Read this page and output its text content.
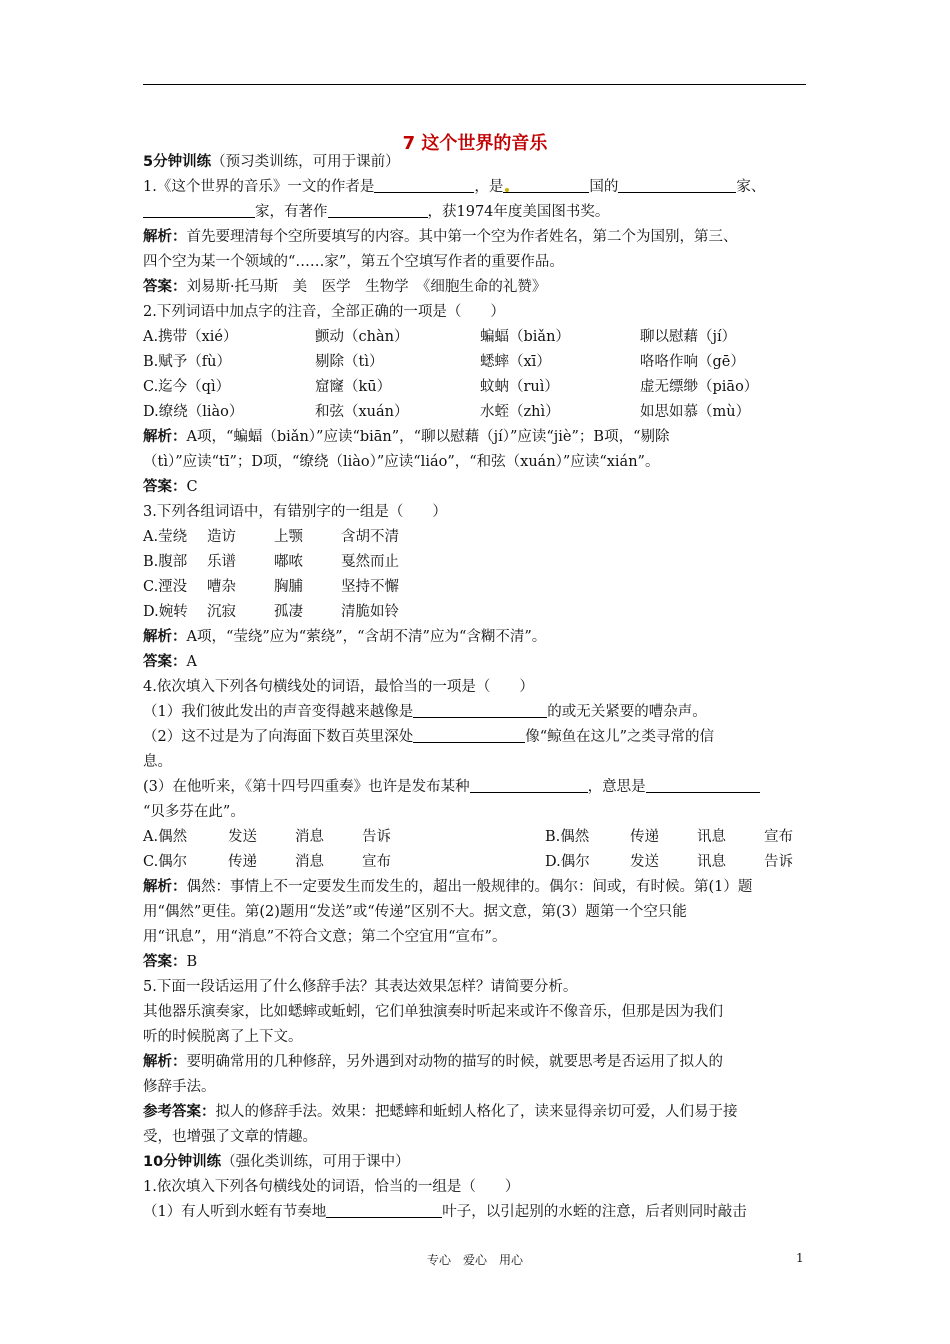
7 这个世界的音乐

5分钟训练（预习类训练，可用于课前）

1.《这个世界的音乐》一文的作者是	，是	国的	家、

家，有著作	，获1974年度美国图书奖。

解析：首先要理清每个空所要填写的内容。其中第一个空为作者姓名，第二个为国别，第三、

四个空为某一个领域的“……家”，第五个空填写作者的重要作品。

答案：刘易斯·托马斯　美　医学　生物学　《细胞生命的礼赞》

2.下列词语中加点字的注音，全部正确的一项是（　　）

A.携带（xié）	颤动（chàn）	蝙蝠（biǎn）	聊以慰藉（jí）
B.赋予（fù）	剔除（tì）	蟋蟀（xī）	咯咯作响（gē）
C.迄今（qì）	窟窿（kū）	蚊蚋（ruì）	虚无缥缈（piāo）
D.缭绕（liào）	和弦（xuán）	水蛭（zhì）	如思如慕（mù）

解析：A项，“蝙蝠（biǎn）”应读“biān”，“聊以慰藉（jí）”应读“jiè”；B项，“剔除

（tì）”应读“tī”；D项，“缭绕（liào）”应读“liáo”，“和弦（xuán）”应读“xián”。

答案：C

3.下列各组词语中，有错别字的一组是（　　）

A.莹绕	造访	上颚	含胡不清
B.腹部	乐谱	嘟哝	戛然而止
C.湮没	嘈杂	胸脯	坚持不懈
D.婉转	沉寂	孤凄	清脆如铃

解析：A项，“莹绕”应为“萦绕”，“含胡不清”应为“含糊不清”。

答案：A

4.依次填入下列各句横线处的词语，最恰当的一项是（　　）

（1）我们彼此发出的声音变得越来越像是	的或无关紧要的嘈杂声。

（2）这不过是为了向海面下数百英里深处	像“鲸鱼在这儿”之类寻常的信

息。

(3）在他听来，《第十四号四重奏》也许是发布某种	，意思是

“贝多芬在此”。

A.偶然	发送	消息	告诉	B.偶然	传递	讯息	宣布
C.偶尔	传递	消息	宣布	D.偶尔	发送	讯息	告诉

解析：偶然：事情上不一定要发生而发生的，超出一般规律的。偶尔：间或，有时候。第(1）题

用“偶然”更佳。第(2)题用“发送”或“传递”区别不大。据文意，第(3）题第一个空只能

用“讯息”，用“消息”不符合文意；第二个空宜用“宣布”。

答案：B

5.下面一段话运用了什么修辞手法？其表达效果怎样？请简要分析。

其他器乐演奏家，比如蟋蟀或蚯蚓，它们单独演奏时听起来或许不像音乐，但那是因为我们

听的时候脱离了上下文。

解析：要明确常用的几种修辞，另外遇到对动物的描写的时候，就要思考是否运用了拟人的

修辞手法。

参考答案：拟人的修辞手法。效果：把蟋蟀和蚯蚓人格化了，读来显得亲切可爱，人们易于接

受，也增强了文章的情趣。

10分钟训练（强化类训练，可用于课中）

1.依次填入下列各句横线处的词语，恰当的一组是（　　）

（1）有人听到水蛭有节奏地	叶子，以引起别的水蛭的注意，后者则同时敲击

专心　爱心　用心	1
